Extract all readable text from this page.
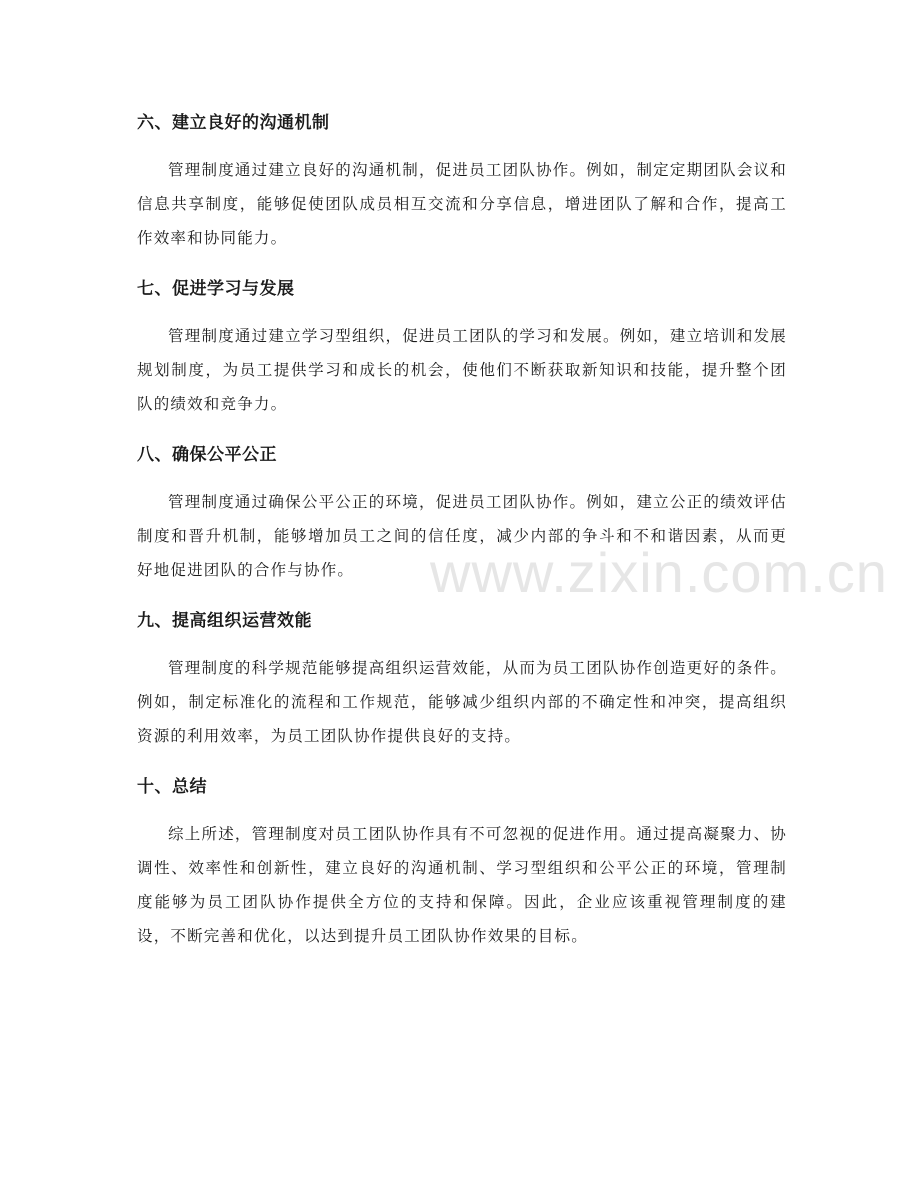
www.zixin.com.cn
六、建立良好的沟通机制

管理制度通过建立良好的沟通机制，促进员工团队协作。例如，制定定期团队会议和信息共享制度，能够促使团队成员相互交流和分享信息，增进团队了解和合作，提高工作效率和协同能力。

七、促进学习与发展

管理制度通过建立学习型组织，促进员工团队的学习和发展。例如，建立培训和发展规划制度，为员工提供学习和成长的机会，使他们不断获取新知识和技能，提升整个团队的绩效和竞争力。

八、确保公平公正

管理制度通过确保公平公正的环境，促进员工团队协作。例如，建立公正的绩效评估制度和晋升机制，能够增加员工之间的信任度，减少内部的争斗和不和谐因素，从而更好地促进团队的合作与协作。

九、提高组织运营效能

管理制度的科学规范能够提高组织运营效能，从而为员工团队协作创造更好的条件。例如，制定标准化的流程和工作规范，能够减少组织内部的不确定性和冲突，提高组织资源的利用效率，为员工团队协作提供良好的支持。

十、总结

综上所述，管理制度对员工团队协作具有不可忽视的促进作用。通过提高凝聚力、协调性、效率性和创新性，建立良好的沟通机制、学习型组织和公平公正的环境，管理制度能够为员工团队协作提供全方位的支持和保障。因此，企业应该重视管理制度的建设，不断完善和优化，以达到提升员工团队协作效果的目标。
